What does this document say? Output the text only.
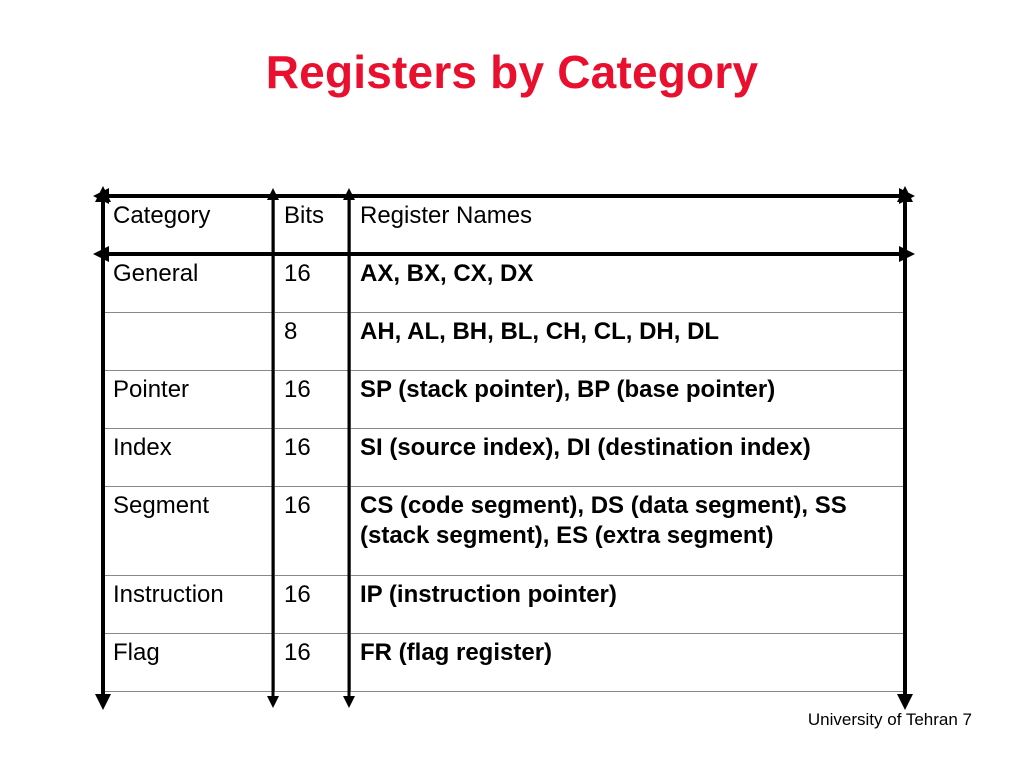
Registers by Category
Category	Bits	Register Names
General	16	AX, BX, CX, DX
	8	AH, AL, BH, BL, CH, CL, DH, DL
Pointer	16	SP (stack pointer), BP (base pointer)
Index	16	SI (source index), DI (destination index)
Segment	16	CS (code segment), DS (data segment), SS (stack segment), ES (extra segment)
Instruction	16	IP (instruction pointer)
Flag	16	FR (flag register)
University of Tehran 7
